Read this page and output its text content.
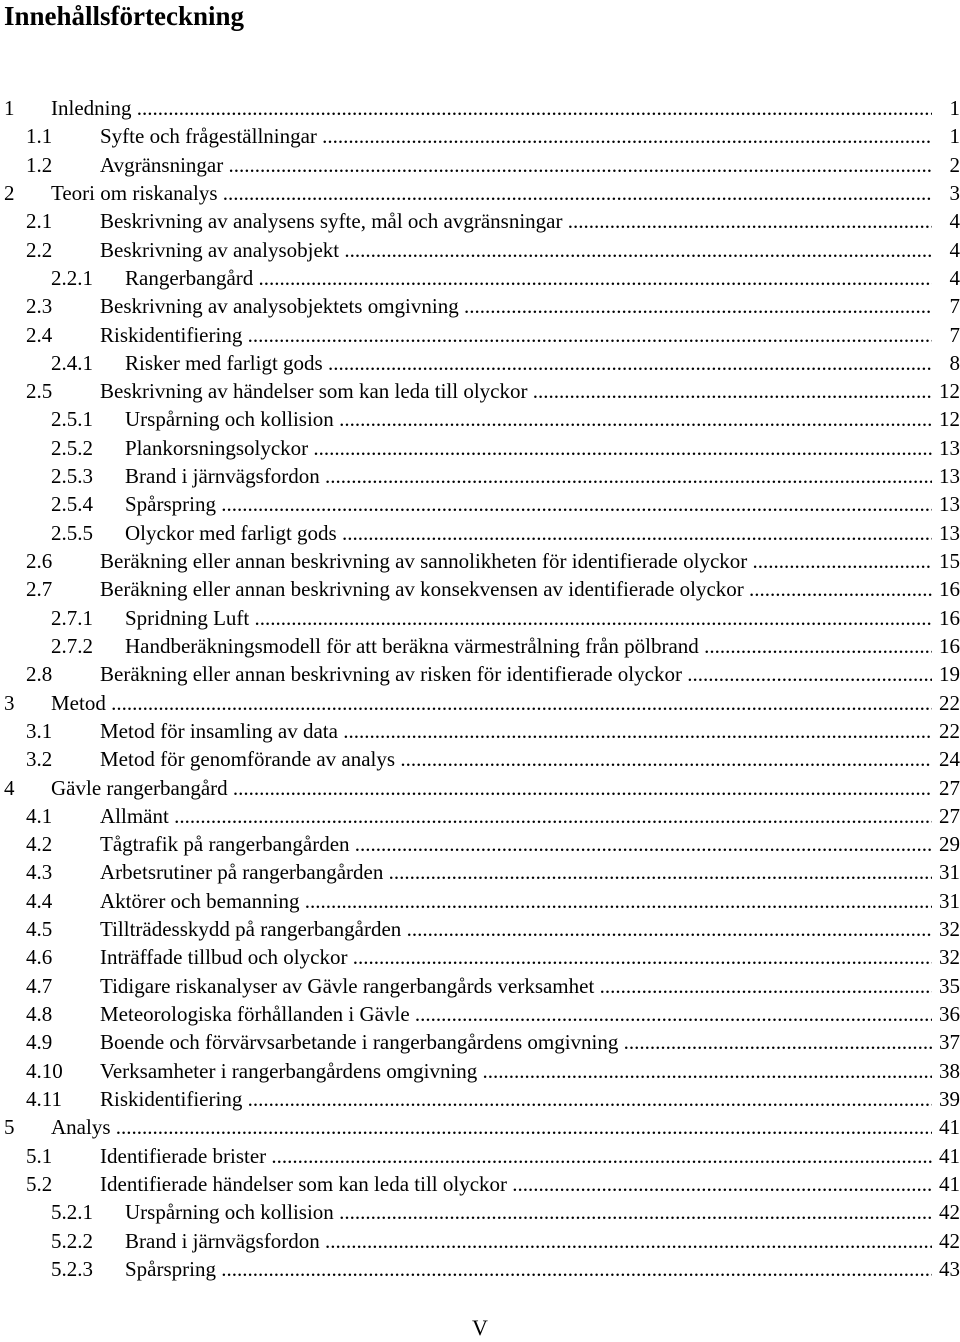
Innehållsförteckning
1 Inledning .....	1
1.1 Syfte och frågeställningar .....	1
1.2 Avgränsningar .....	2
2 Teori om riskanalys .....	3
2.1 Beskrivning av analysens syfte, mål och avgränsningar .....	4
2.2 Beskrivning av analysobjekt .....	4
2.2.1 Rangerbangård .....	4
2.3 Beskrivning av analysobjektets omgivning .....	7
2.4 Riskidentifiering .....	7
2.4.1 Risker med farligt gods .....	8
2.5 Beskrivning av händelser som kan leda till olyckor .....	12
2.5.1 Urspårning och kollision .....	12
2.5.2 Plankorsningsolyckor .....	13
2.5.3 Brand i järnvägsfordon .....	13
2.5.4 Spårspring .....	13
2.5.5 Olyckor med farligt gods .....	13
2.6 Beräkning eller annan beskrivning av sannolikheten för identifierade olyckor .....	15
2.7 Beräkning eller annan beskrivning av konsekvensen av identifierade olyckor .....	16
2.7.1 Spridning Luft .....	16
2.7.2 Handberäkningsmodell för att beräkna värmestrålning från pölbrand .....	16
2.8 Beräkning eller annan beskrivning av risken för identifierade olyckor .....	19
3 Metod .....	22
3.1 Metod för insamling av data .....	22
3.2 Metod för genomförande av analys .....	24
4 Gävle rangerbangård .....	27
4.1 Allmänt .....	27
4.2 Tågtrafik på rangerbangården .....	29
4.3 Arbetsrutiner på rangerbangården .....	31
4.4 Aktörer och bemanning .....	31
4.5 Tillträdesskydd på rangerbangården .....	32
4.6 Inträffade tillbud och olyckor .....	32
4.7 Tidigare riskanalyser av Gävle rangerbangårds verksamhet .....	35
4.8 Meteorologiska förhållanden i Gävle .....	36
4.9 Boende och förvärvsarbetande i rangerbangårdens omgivning .....	37
4.10 Verksamheter i rangerbangårdens omgivning .....	38
4.11 Riskidentifiering .....	39
5 Analys .....	41
5.1 Identifierade brister .....	41
5.2 Identifierade händelser som kan leda till olyckor .....	41
5.2.1 Urspårning och kollision .....	42
5.2.2 Brand i järnvägsfordon .....	42
5.2.3 Spårspring .....	43
V
